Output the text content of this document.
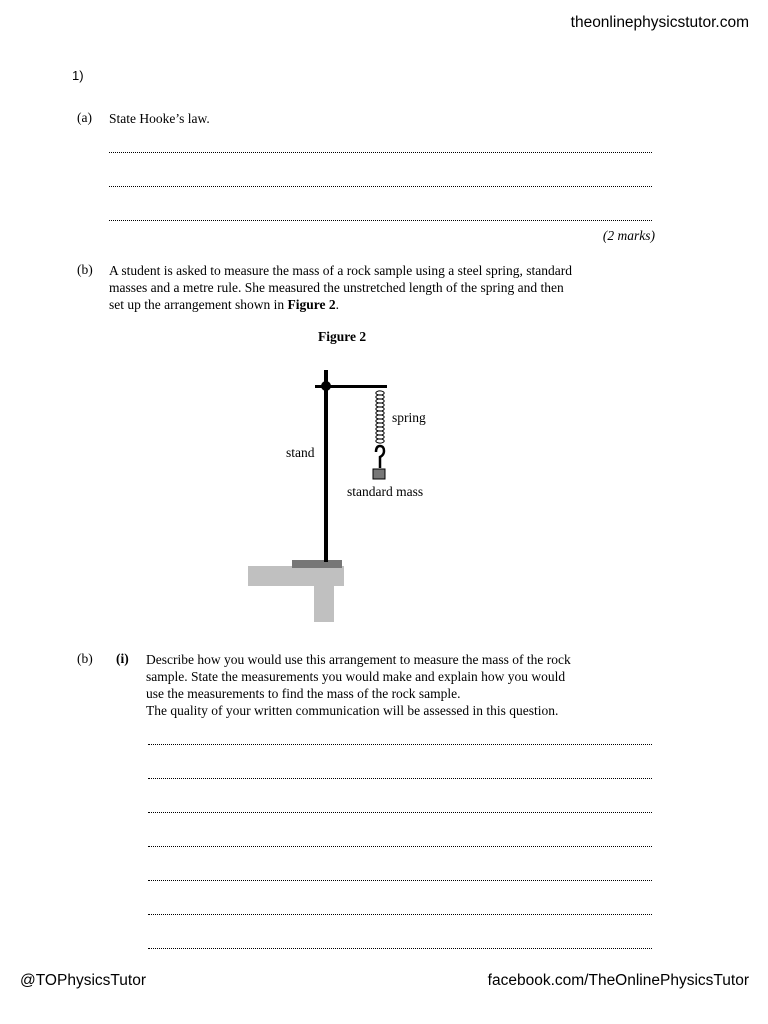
theonlinephysicstutor.com
1)
(a) State Hooke’s law.
(2 marks)
(b) A student is asked to measure the mass of a rock sample using a steel spring, standard
masses and a metre rule. She measured the unstretched length of the spring and then
set up the arrangement shown in Figure 2.
Figure 2
spring
stand
standard mass
(b) (i) Describe how you would use this arrangement to measure the mass of the rock
sample. State the measurements you would make and explain how you would
use the measurements to find the mass of the rock sample.
The quality of your written communication will be assessed in this question.
@TOPhysicsTutor	facebook.com/TheOnlinePhysicsTutor
